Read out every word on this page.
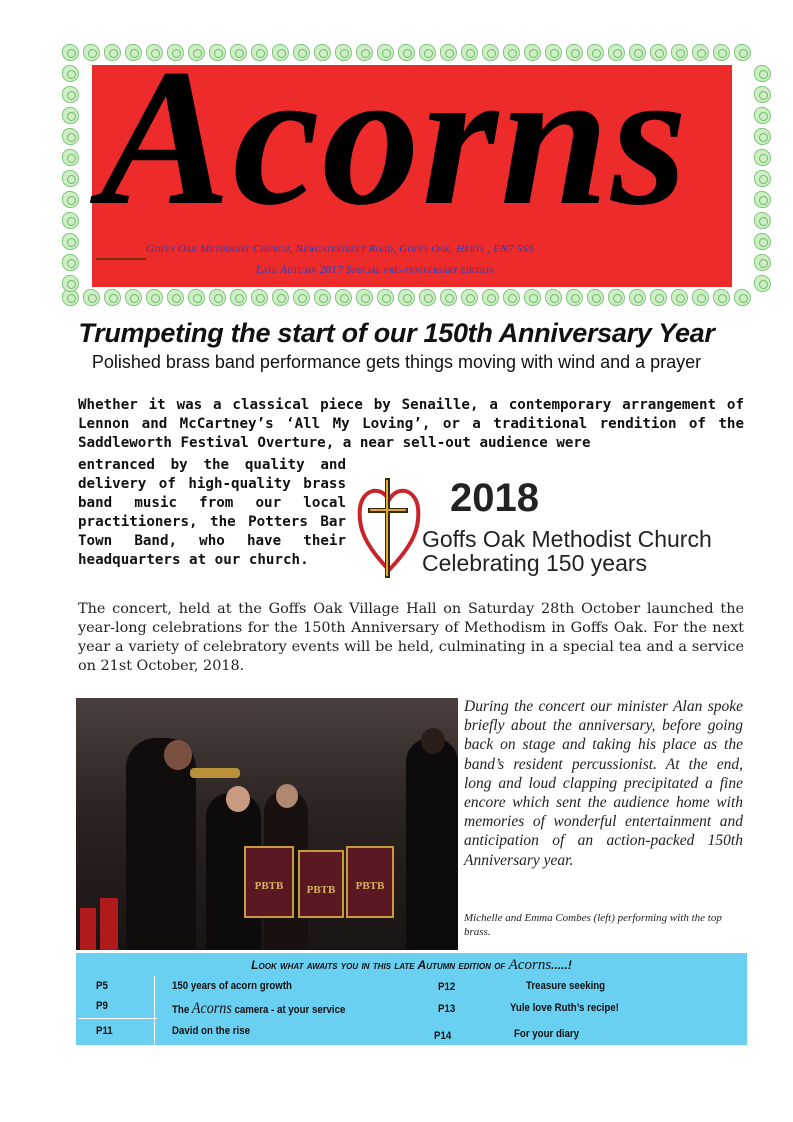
Acorns
Goffs Oak Methodist Church, Newgatestreet Road, Goffs Oak, Herts , EN7 5SS
Late Autumn 2017 Special pre-anniversary edition
Trumpeting the start of our 150th Anniversary Year

Polished brass band performance gets things moving with wind and a prayer

Whether it was a classical piece by Senaille, a contemporary arrangement of Lennon and McCartney’s ‘All My Loving’, or a traditional rendition of the Saddleworth Festival Overture, a near sell-out audience were

entranced by the quality and delivery of high-quality brass band music from our local practitioners, the Potters Bar Town Band, who have their headquarters at our church.

2018
Goffs Oak Methodist Church
Celebrating 150 years

The concert, held at the Goffs Oak Village Hall on Saturday 28th October launched the year-long celebrations for the 150th Anniversary of Methodism in Goffs Oak. For the next year a variety of celebratory events will be held, culminating in a special tea and a service on 21st October, 2018.

PBTB	PBTB	PBTB

During the concert our minister Alan spoke briefly about the anniversary, before going back on stage and taking his place as the band’s resident percussionist. At the end, long and loud clapping precipitated a fine encore which sent the audience home with memories of wonderful entertainment and anticipation of an action-packed 150th Anniversary year.

Michelle and Emma Combes (left) performing with the top brass.

Look what awaits you in this late Autumn edition of Acorns.....!
P5	150 years of acorn growth
P9	The Acorns camera - at your service
P11	David on the rise
P12	Treasure seeking
P13	Yule love Ruth’s recipe!
P14	For your diary
